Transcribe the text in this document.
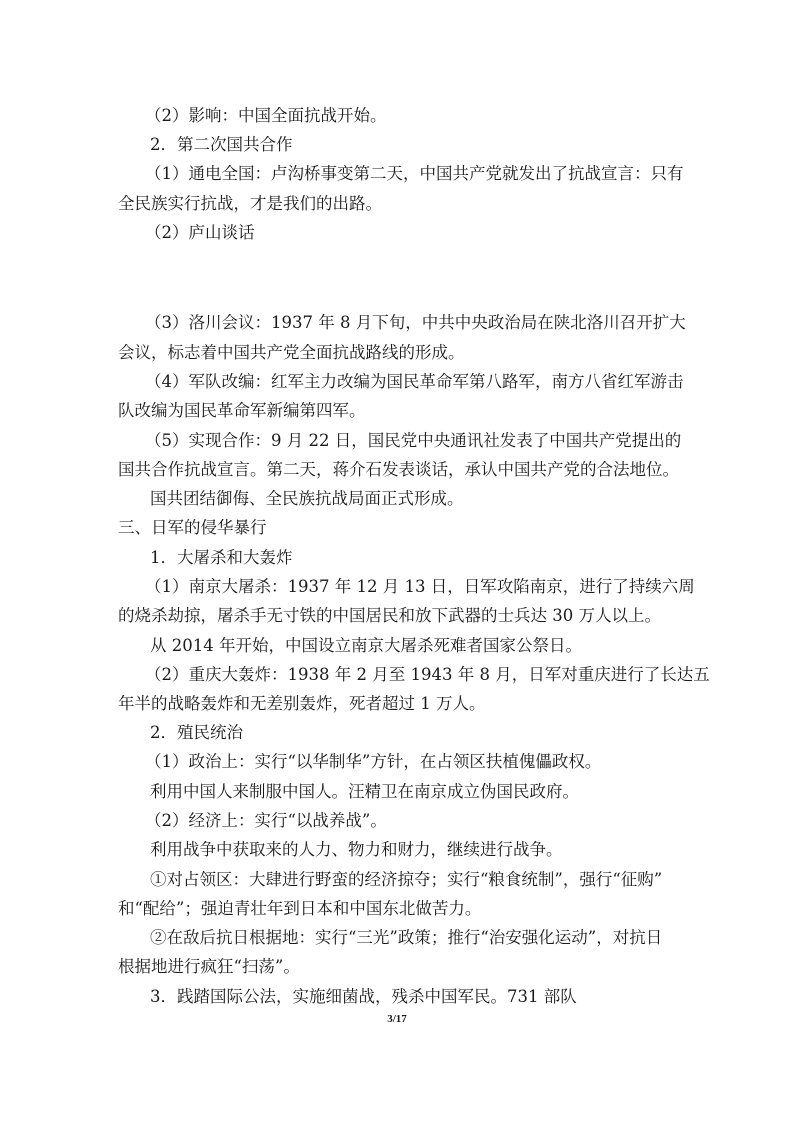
（2）影响：中国全面抗战开始。
2．第二次国共合作
（1）通电全国：卢沟桥事变第二天，中国共产党就发出了抗战宣言：只有
全民族实行抗战，才是我们的出路。
（2）庐山谈话
（3）洛川会议：1937 年 8 月下旬，中共中央政治局在陕北洛川召开扩大
会议，标志着中国共产党全面抗战路线的形成。
（4）军队改编：红军主力改编为国民革命军第八路军，南方八省红军游击
队改编为国民革命军新编第四军。
（5）实现合作：9 月 22 日，国民党中央通讯社发表了中国共产党提出的
国共合作抗战宣言。第二天，蒋介石发表谈话，承认中国共产党的合法地位。
国共团结御侮、全民族抗战局面正式形成。
三、日军的侵华暴行
1．大屠杀和大轰炸
（1）南京大屠杀：1937 年 12 月 13 日，日军攻陷南京，进行了持续六周
的烧杀劫掠，屠杀手无寸铁的中国居民和放下武器的士兵达 30 万人以上。
从 2014 年开始，中国设立南京大屠杀死难者国家公祭日。
（2）重庆大轰炸：1938 年 2 月至 1943 年 8 月，日军对重庆进行了长达五
年半的战略轰炸和无差别轰炸，死者超过 1 万人。
2．殖民统治
（1）政治上：实行“以华制华”方针，在占领区扶植傀儡政权。
利用中国人来制服中国人。汪精卫在南京成立伪国民政府。
（2）经济上：实行“以战养战”。
利用战争中获取来的人力、物力和财力，继续进行战争。
①对占领区：大肆进行野蛮的经济掠夺；实行“粮食统制”，强行“征购”
和“配给”；强迫青壮年到日本和中国东北做苦力。
②在敌后抗日根据地：实行“三光”政策；推行“治安强化运动”，对抗日
根据地进行疯狂“扫荡”。
3．践踏国际公法，实施细菌战，残杀中国军民。731 部队
3/17
